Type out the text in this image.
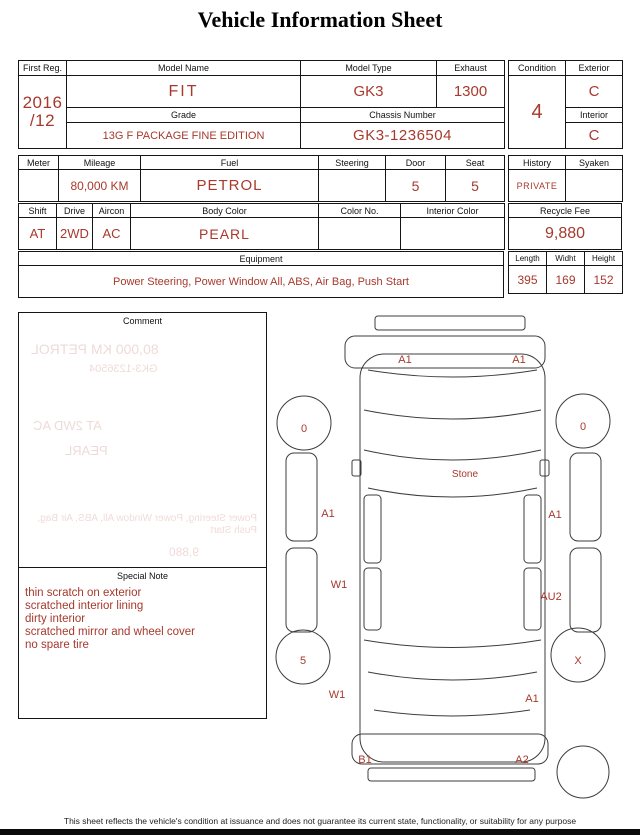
Vehicle Information Sheet
First Reg.	Model Name	Model Type	Exhaust
2016
/12	FIT	GK3	1300
	Grade	Chassis Number	
	13G F PACKAGE FINE EDITION	GK3-1236504	
Condition	Exterior
4	C
	Interior
	C
Meter	Mileage	Fuel	Steering	Door	Seat
	80,000 KM	PETROL		5	5
Shift	Drive	Aircon	Body Color	Color No.	Interior Color
AT	2WD	AC	PEARL		
Equipment
Power Steering, Power Window All, ABS, Air Bag, Push Start
History	Syaken
PRIVATE	
Recycle Fee
9,880
Length	Widht	Height
395	169	152
Comment
80,000 KM PETROL
GK3-1236504
AT 2WD AC
PEARL
Power Steering, Power Window All, ABS, Air Bag, Push Start
9,880
Special Note
thin scratch on exterior
scratched interior lining
dirty interior
scratched mirror and wheel cover
no spare tire
A1	A1
0	0
Stone
A1	A1
W1
AU2
5	X
W1	A1
B1	A2
This sheet reflects the vehicle's condition at issuance and does not guarantee its current state, functionality, or suitability for any purpose
